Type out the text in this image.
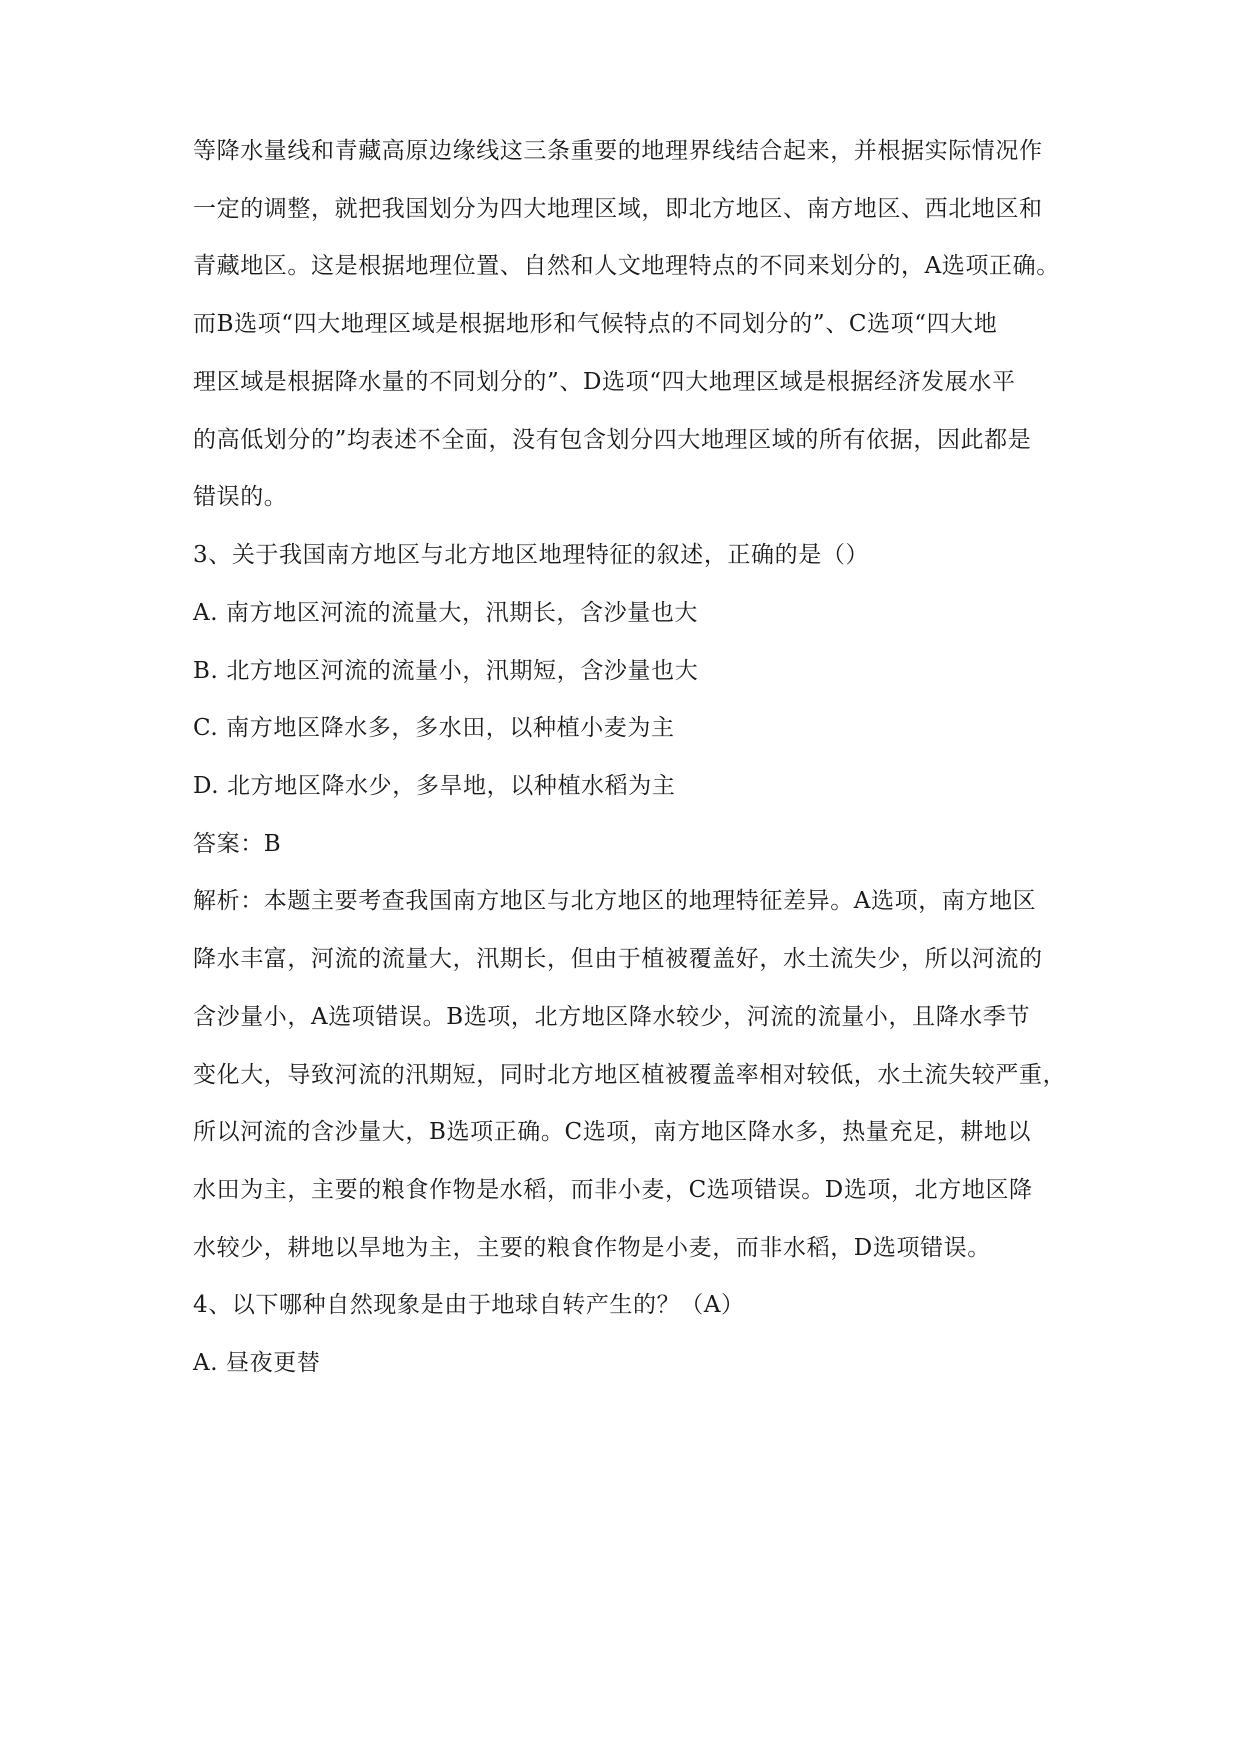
等降水量线和青藏高原边缘线这三条重要的地理界线结合起来，并根据实际情况作
一定的调整，就把我国划分为四大地理区域，即北方地区、南方地区、西北地区和
青藏地区。这是根据地理位置、自然和人文地理特点的不同来划分的，A选项正确。
而B选项“四大地理区域是根据地形和气候特点的不同划分的”、C选项“四大地
理区域是根据降水量的不同划分的”、D选项“四大地理区域是根据经济发展水平
的高低划分的”均表述不全面，没有包含划分四大地理区域的所有依据，因此都是
错误的。
3、关于我国南方地区与北方地区地理特征的叙述，正确的是（）
A. 南方地区河流的流量大，汛期长，含沙量也大
B. 北方地区河流的流量小，汛期短，含沙量也大
C. 南方地区降水多，多水田，以种植小麦为主
D. 北方地区降水少，多旱地，以种植水稻为主
答案：B
解析：本题主要考查我国南方地区与北方地区的地理特征差异。A选项，南方地区
降水丰富，河流的流量大，汛期长，但由于植被覆盖好，水土流失少，所以河流的
含沙量小，A选项错误。B选项，北方地区降水较少，河流的流量小，且降水季节
变化大，导致河流的汛期短，同时北方地区植被覆盖率相对较低，水土流失较严重，
所以河流的含沙量大，B选项正确。C选项，南方地区降水多，热量充足，耕地以
水田为主，主要的粮食作物是水稻，而非小麦，C选项错误。D选项，北方地区降
水较少，耕地以旱地为主，主要的粮食作物是小麦，而非水稻，D选项错误。
4、以下哪种自然现象是由于地球自转产生的？（A）
A. 昼夜更替
